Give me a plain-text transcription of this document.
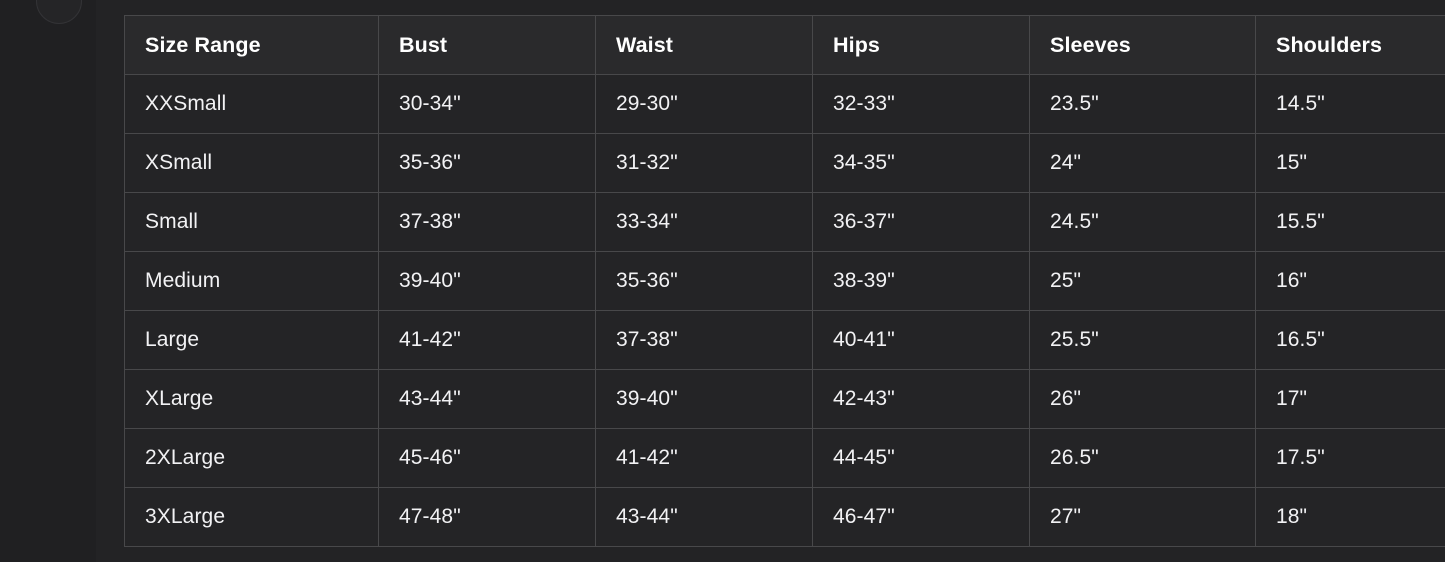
Size Range	Bust	Waist	Hips	Sleeves	Shoulders
XXSmall	30-34"	29-30"	32-33"	23.5"	14.5"
XSmall	35-36"	31-32"	34-35"	24"	15"
Small	37-38"	33-34"	36-37"	24.5"	15.5"
Medium	39-40"	35-36"	38-39"	25"	16"
Large	41-42"	37-38"	40-41"	25.5"	16.5"
XLarge	43-44"	39-40"	42-43"	26"	17"
2XLarge	45-46"	41-42"	44-45"	26.5"	17.5"
3XLarge	47-48"	43-44"	46-47"	27"	18"
